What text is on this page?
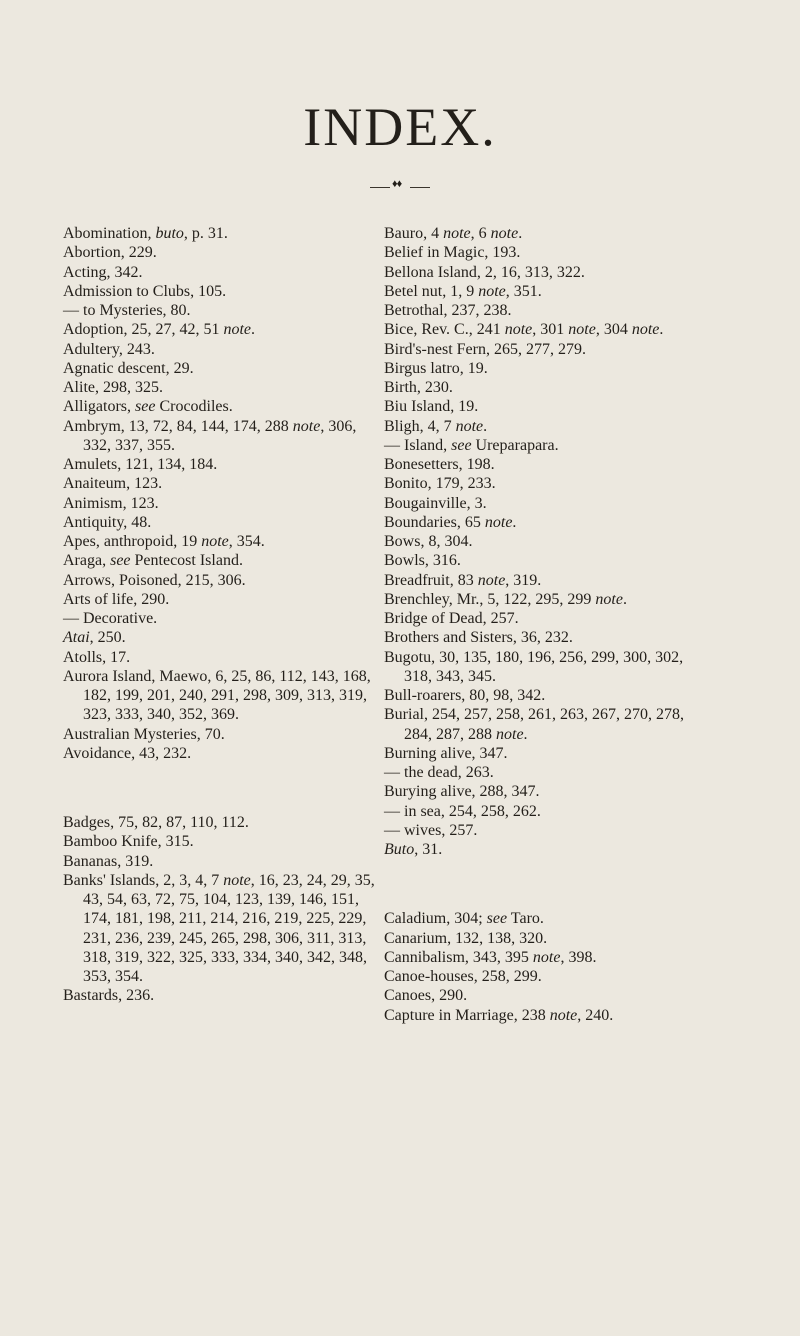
INDEX.
♦♦

Abomination, buto, p. 31.

Abortion, 229.

Acting, 342.

Admission to Clubs, 105.

— to Mysteries, 80.

Adoption, 25, 27, 42, 51 note.

Adultery, 243.

Agnatic descent, 29.

Alite, 298, 325.

Alligators, see Crocodiles.

Ambrym, 13, 72, 84, 144, 174, 288 note, 306, 332, 337, 355.

Amulets, 121, 134, 184.

Anaiteum, 123.

Animism, 123.

Antiquity, 48.

Apes, anthropoid, 19 note, 354.

Araga, see Pentecost Island.

Arrows, Poisoned, 215, 306.

Arts of life, 290.

— Decorative.

Atai, 250.

Atolls, 17.

Aurora Island, Maewo, 6, 25, 86, 112, 143, 168, 182, 199, 201, 240, 291, 298, 309, 313, 319, 323, 333, 340, 352, 369.

Australian Mysteries, 70.

Avoidance, 43, 232.

Badges, 75, 82, 87, 110, 112.

Bamboo Knife, 315.

Bananas, 319.

Banks' Islands, 2, 3, 4, 7 note, 16, 23, 24, 29, 35, 43, 54, 63, 72, 75, 104, 123, 139, 146, 151, 174, 181, 198, 211, 214, 216, 219, 225, 229, 231, 236, 239, 245, 265, 298, 306, 311, 313, 318, 319, 322, 325, 333, 334, 340, 342, 348, 353, 354.

Bastards, 236.

Bauro, 4 note, 6 note.

Belief in Magic, 193.

Bellona Island, 2, 16, 313, 322.

Betel nut, 1, 9 note, 351.

Betrothal, 237, 238.

Bice, Rev. C., 241 note, 301 note, 304 note.

Bird's-nest Fern, 265, 277, 279.

Birgus latro, 19.

Birth, 230.

Biu Island, 19.

Bligh, 4, 7 note.

— Island, see Ureparapara.

Bonesetters, 198.

Bonito, 179, 233.

Bougainville, 3.

Boundaries, 65 note.

Bows, 8, 304.

Bowls, 316.

Breadfruit, 83 note, 319.

Brenchley, Mr., 5, 122, 295, 299 note.

Bridge of Dead, 257.

Brothers and Sisters, 36, 232.

Bugotu, 30, 135, 180, 196, 256, 299, 300, 302, 318, 343, 345.

Bull-roarers, 80, 98, 342.

Burial, 254, 257, 258, 261, 263, 267, 270, 278, 284, 287, 288 note.

Burning alive, 347.

— the dead, 263.

Burying alive, 288, 347.

— in sea, 254, 258, 262.

— wives, 257.

Buto, 31.

Caladium, 304; see Taro.

Canarium, 132, 138, 320.

Cannibalism, 343, 395 note, 398.

Canoe-houses, 258, 299.

Canoes, 290.

Capture in Marriage, 238 note, 240.
